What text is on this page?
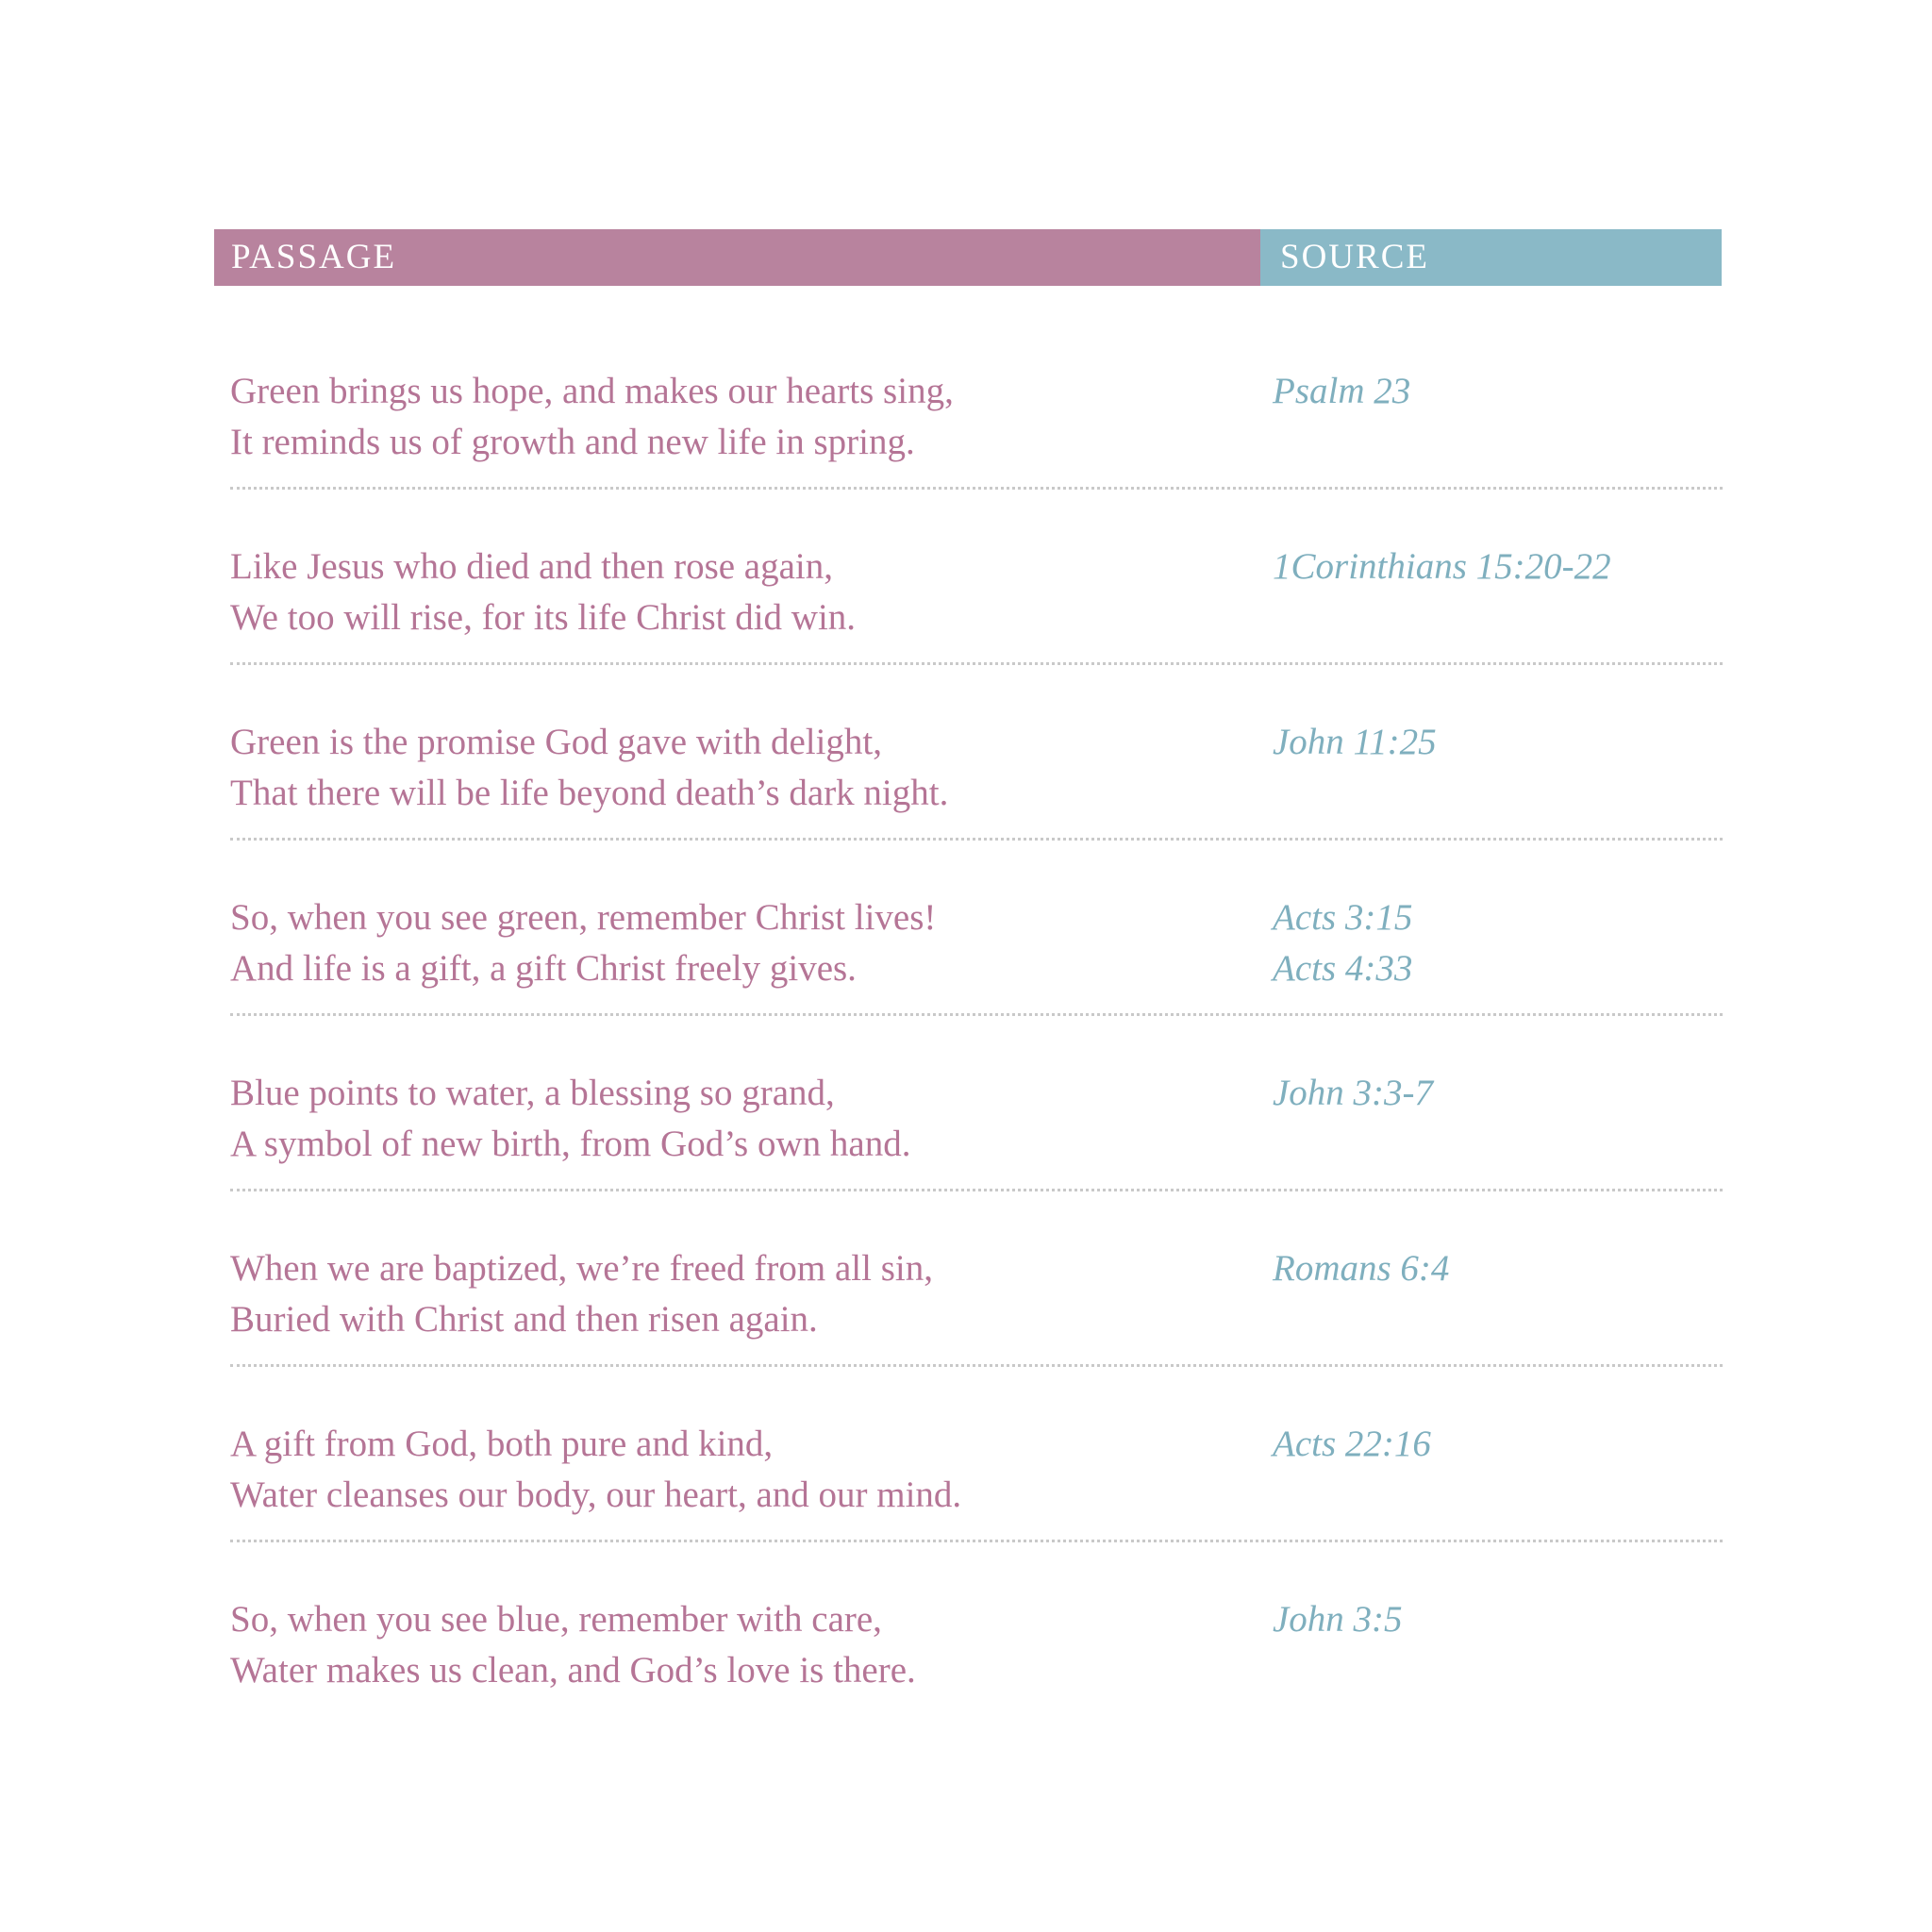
PASSAGE	SOURCE
Green brings us hope, and makes our hearts sing,
It reminds us of growth and new life in spring.
Psalm 23
Like Jesus who died and then rose again,
We too will rise, for its life Christ did win.
1Corinthians 15:20-22
Green is the promise God gave with delight,
That there will be life beyond death’s dark night.
John 11:25
So, when you see green, remember Christ lives!
And life is a gift, a gift Christ freely gives.
Acts 3:15
Acts 4:33
Blue points to water, a blessing so grand,
A symbol of new birth, from God’s own hand.
John 3:3-7
When we are baptized, we’re freed from all sin,
Buried with Christ and then risen again.
Romans 6:4
A gift from God, both pure and kind,
Water cleanses our body, our heart, and our mind.
Acts 22:16
So, when you see blue, remember with care,
Water makes us clean, and God’s love is there.
John 3:5
